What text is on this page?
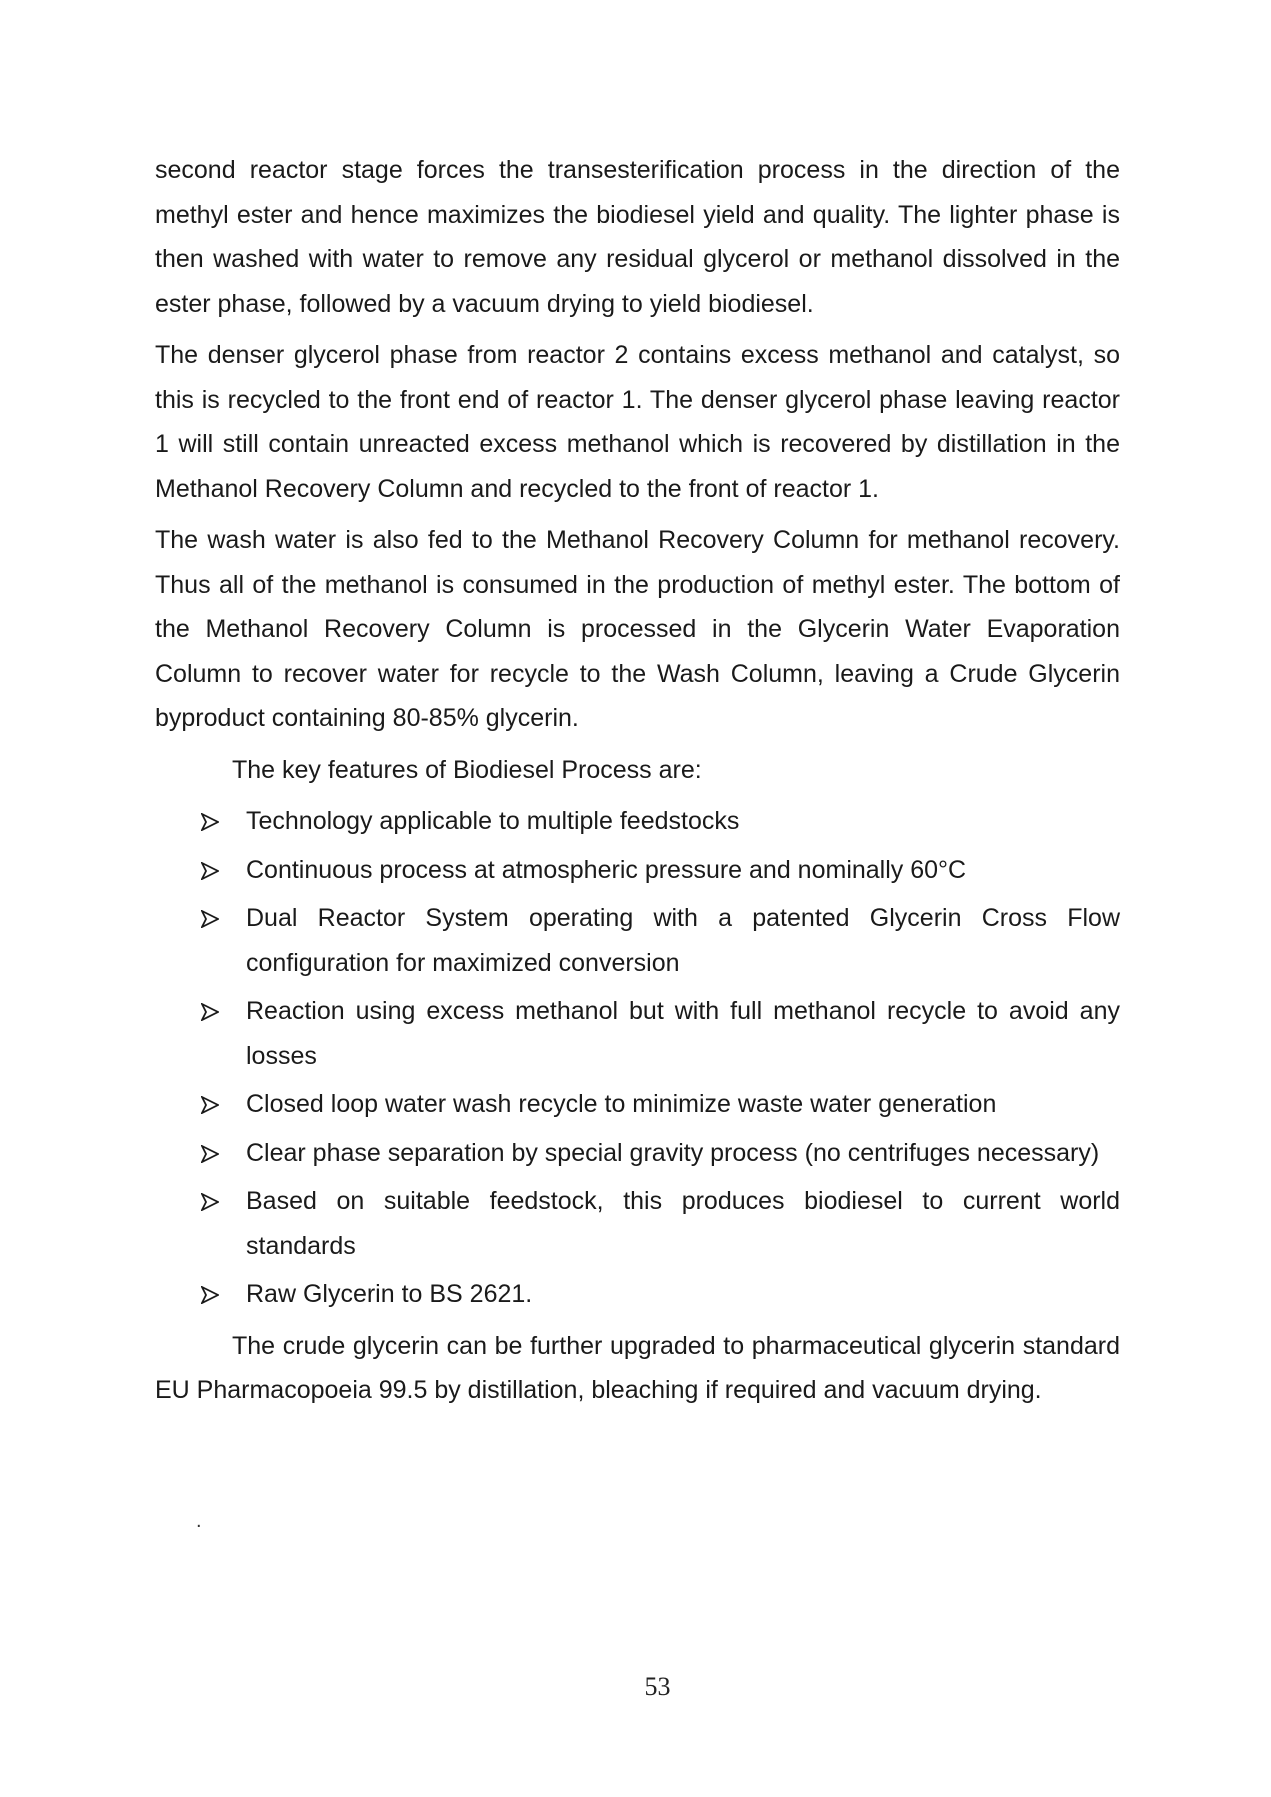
second reactor stage forces the transesterification process in the direction of the methyl ester and hence maximizes the biodiesel yield and quality. The lighter phase is then washed with water to remove any residual glycerol or methanol dissolved in the ester phase, followed by a vacuum drying to yield biodiesel.

The denser glycerol phase from reactor 2 contains excess methanol and catalyst, so this is recycled to the front end of reactor 1. The denser glycerol phase leaving reactor 1 will still contain unreacted excess methanol which is recovered by distillation in the Methanol Recovery Column and recycled to the front of reactor 1.

The wash water is also fed to the Methanol Recovery Column for methanol recovery. Thus all of the methanol is consumed in the production of methyl ester. The bottom of the Methanol Recovery Column is processed in the Glycerin Water Evaporation Column to recover water for recycle to the Wash Column, leaving a Crude Glycerin byproduct containing 80-85% glycerin.

The key features of Biodiesel Process are:

Technology applicable to multiple feedstocks
Continuous process at atmospheric pressure and nominally 60°C
Dual Reactor System operating with a patented Glycerin Cross Flow configuration for maximized conversion
Reaction using excess methanol but with full methanol recycle to avoid any losses
Closed loop water wash recycle to minimize waste water generation
Clear phase separation by special gravity process (no centrifuges necessary)
Based on suitable feedstock, this produces biodiesel to current world standards
Raw Glycerin to BS 2621.

The crude glycerin can be further upgraded to pharmaceutical glycerin standard EU Pharmacopoeia 99.5 by distillation, bleaching if required and vacuum drying.

.
53
